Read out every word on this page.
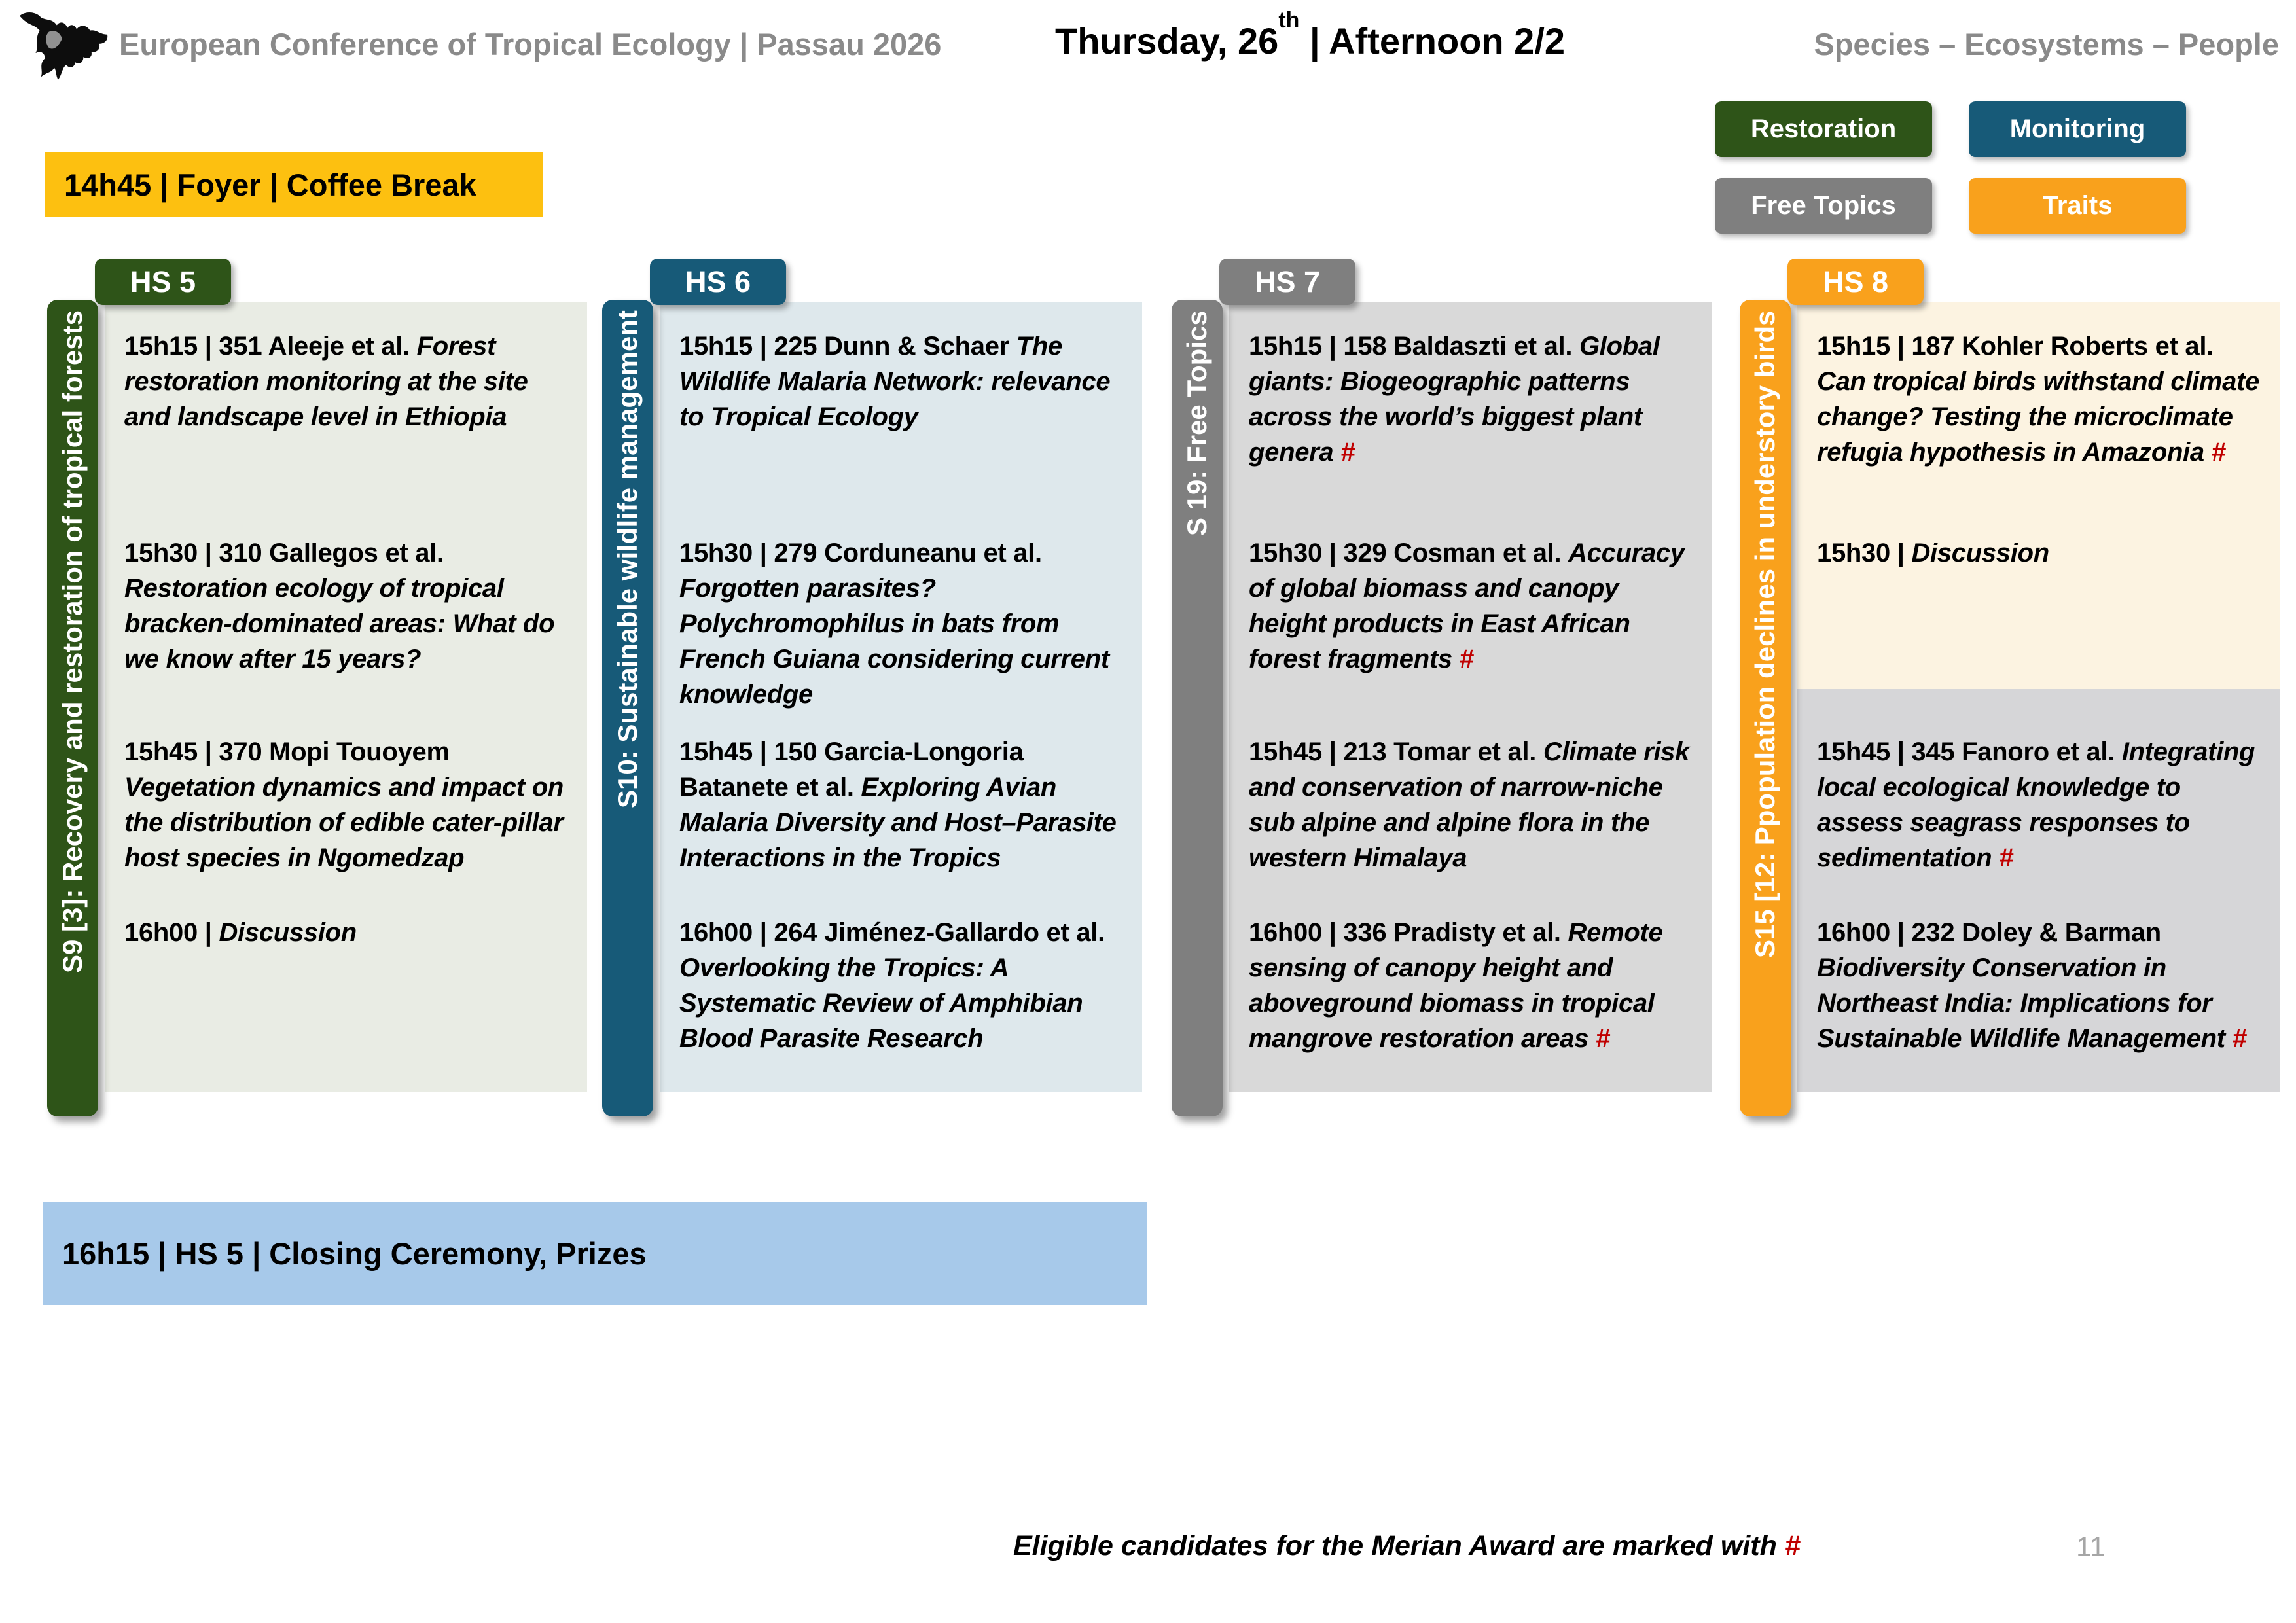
European Conference of Tropical Ecology | Passau 2026	Thursday, 26th | Afternoon 2/2	Species – Ecosystems – People
Restoration	Monitoring
Free Topics	Traits
14h45 | Foyer | Coffee Break
HS 5
S9 [3]: Recovery and restoration of tropical forests 15h15 | 351 Aleeje et al. Forest restoration monitoring at the site and landscape level in Ethiopia
15h30 | 310 Gallegos et al. Restoration ecology of tropical bracken-dominated areas: What do we know after 15 years?
15h45 | 370 Mopi Touoyem Vegetation dynamics and impact on the distribution of edible cater-pillar host species in Ngomedzap
16h00 | Discussion
HS 6
S10: Sustainable wildlife management 15h15 | 225 Dunn & Schaer The Wildlife Malaria Network: relevance to Tropical Ecology
15h30 | 279 Corduneanu et al. Forgotten parasites? Polychromophilus in bats from French Guiana considering current knowledge
15h45 | 150 Garcia-Longoria Batanete et al. Exploring Avian Malaria Diversity and Host–Parasite Interactions in the Tropics
16h00 | 264 Jiménez-Gallardo et al. Overlooking the Tropics: A Systematic Review of Amphibian Blood Parasite Research
HS 7
S 19: Free Topics 15h15 | 158 Baldaszti et al. Global giants: Biogeographic patterns across the world’s biggest plant genera #
15h30 | 329 Cosman et al. Accuracy of global biomass and canopy height products in East African forest fragments #
15h45 | 213 Tomar et al. Climate risk and conservation of narrow-niche sub alpine and alpine flora in the western Himalaya
16h00 | 336 Pradisty et al. Remote sensing of canopy height and aboveground biomass in tropical mangrove restoration areas #
HS 8
S15 [12: Ppopulation declines in understory birds 15h15 | 187 Kohler Roberts et al. Can tropical birds withstand climate change? Testing the microclimate refugia hypothesis in Amazonia #
15h30 | Discussion
15h45 | 345 Fanoro et al. Integrating local ecological knowledge to assess seagrass responses to sedimentation #
16h00 | 232 Doley & Barman Biodiversity Conservation in Northeast India: Implications for Sustainable Wildlife Management #
16h15 | HS 5 | Closing Ceremony, Prizes
Eligible candidates for the Merian Award are marked with #	11
